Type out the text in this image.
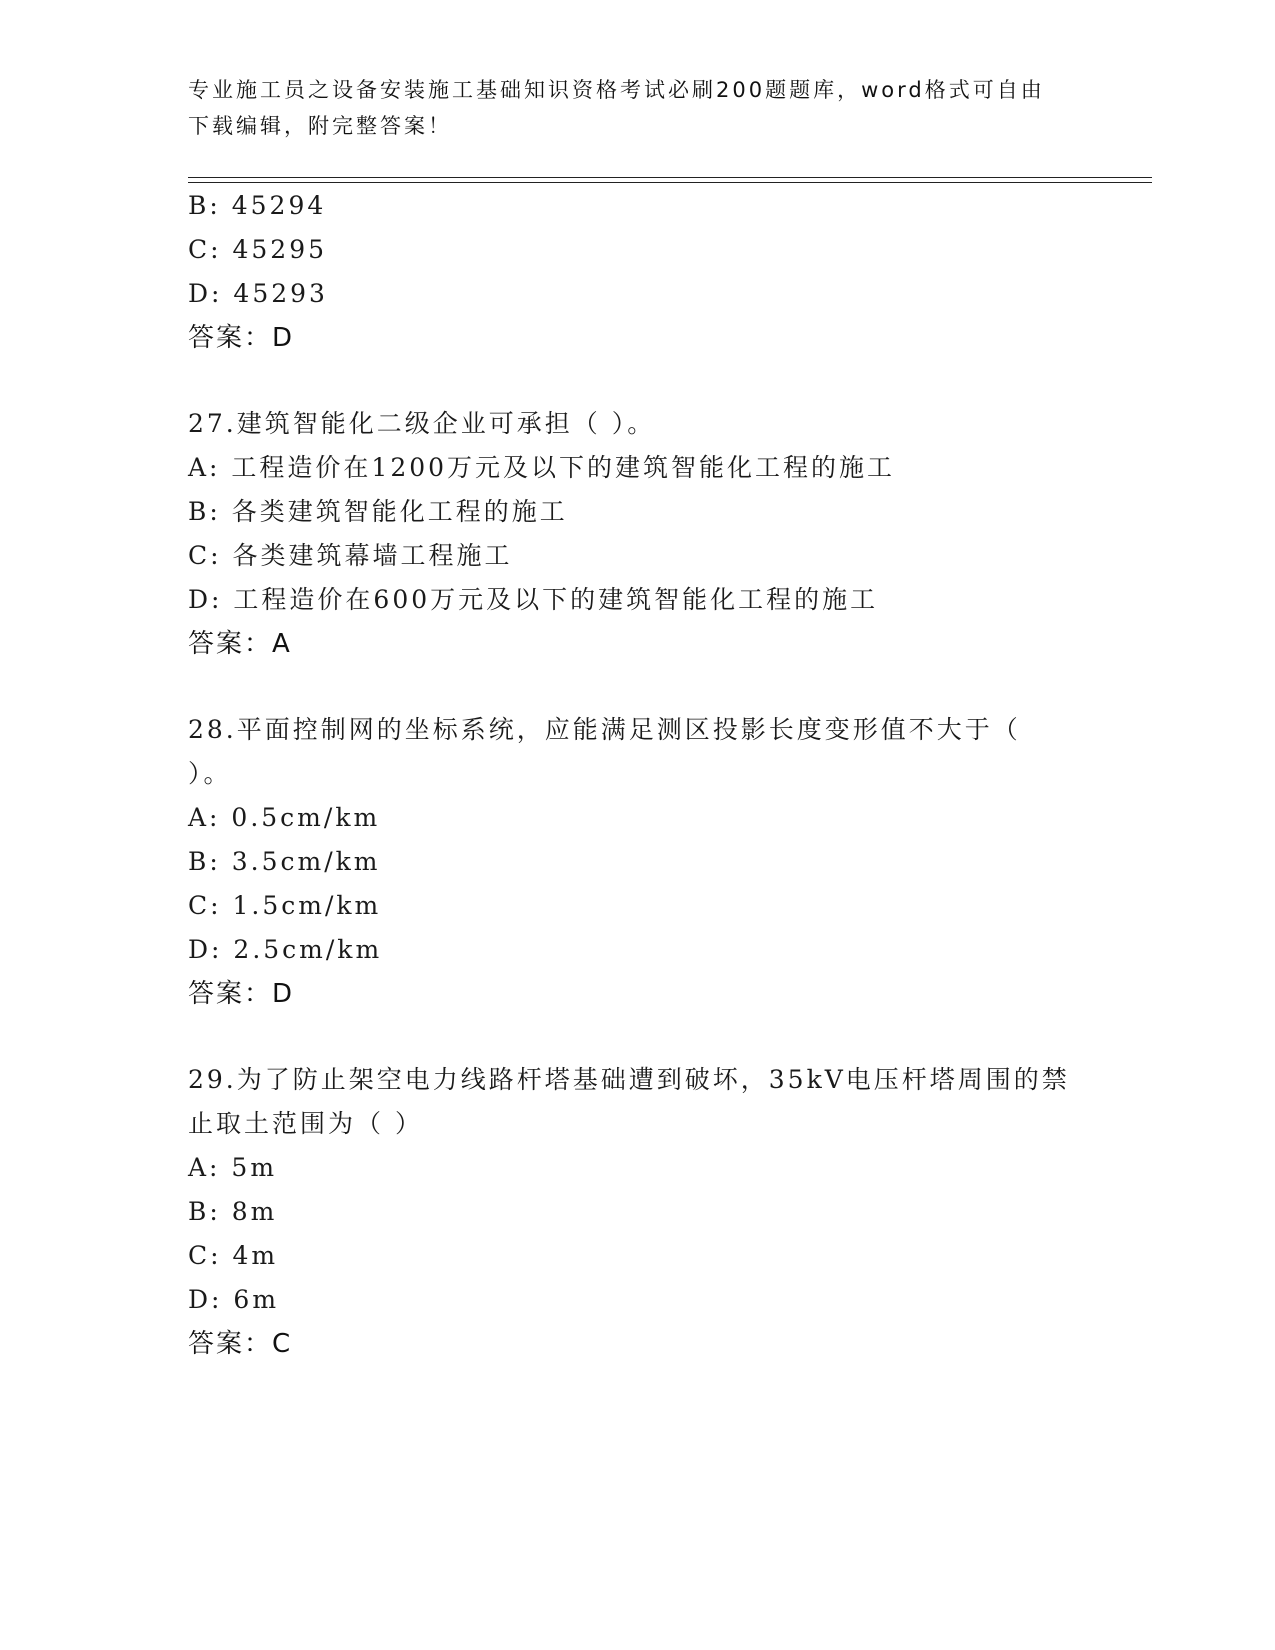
专业施工员之设备安装施工基础知识资格考试必刷200题题库，word格式可自由
下载编辑，附完整答案！
B: 45294
C: 45295
D: 45293
答案：D
27.建筑智能化二级企业可承担（ ）。
A: 工程造价在1200万元及以下的建筑智能化工程的施工
B: 各类建筑智能化工程的施工
C: 各类建筑幕墙工程施工
D: 工程造价在600万元及以下的建筑智能化工程的施工
答案：A
28.平面控制网的坐标系统，应能满足测区投影长度变形值不大于（
）。
A: 0.5cm/km
B: 3.5cm/km
C: 1.5cm/km
D: 2.5cm/km
答案：D
29.为了防止架空电力线路杆塔基础遭到破坏，35kV电压杆塔周围的禁
止取土范围为（ ）
A: 5m
B: 8m
C: 4m
D: 6m
答案：C
